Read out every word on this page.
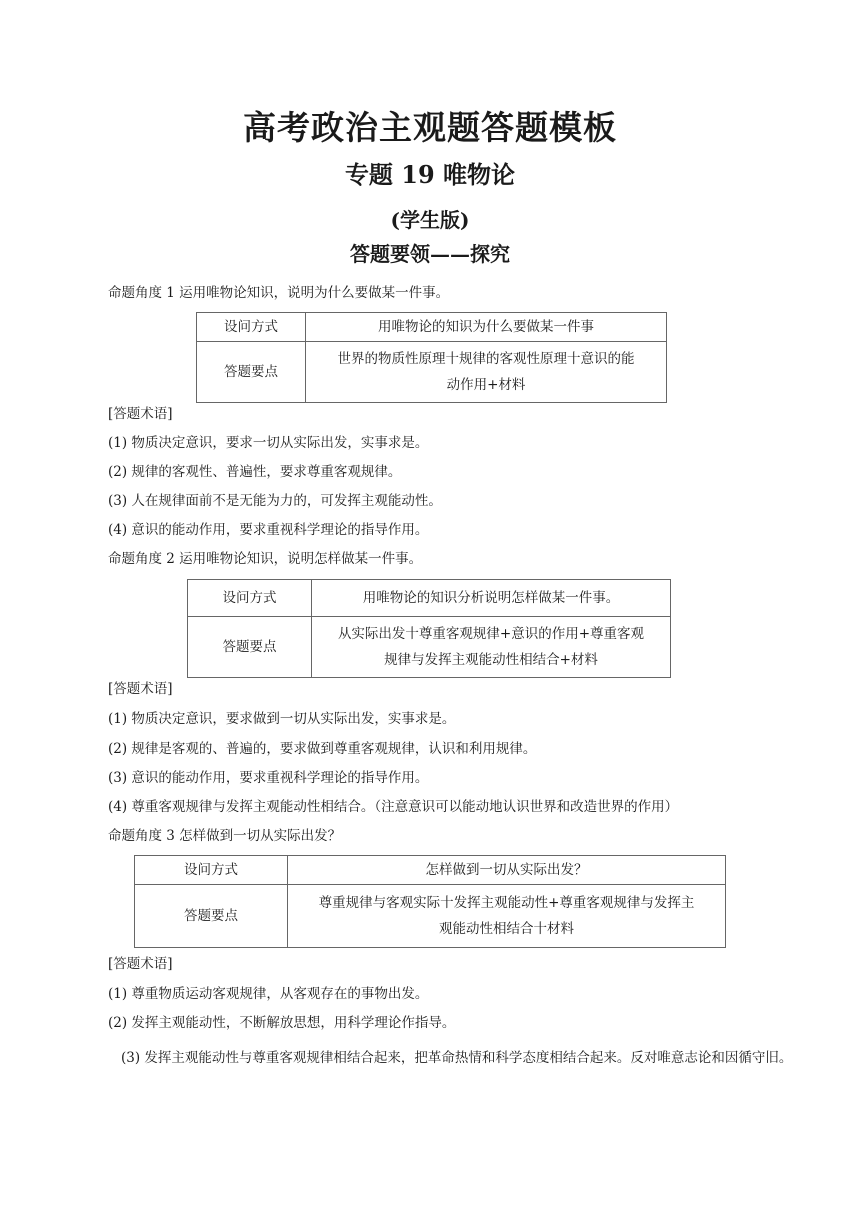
高考政治主观题答题模板
专题 19 唯物论
(学生版)
答题要领——探究
命题角度 1 运用唯物论知识，说明为什么要做某一件事。
设问方式	用唯物论的知识为什么要做某一件事
答题要点	世界的物质性原理十规律的客观性原理十意识的能
动作用+材料
[答题术语]
(1) 物质决定意识，要求一切从实际出发，实事求是。
(2) 规律的客观性、普遍性，要求尊重客观规律。
(3) 人在规律面前不是无能为力的，可发挥主观能动性。
(4) 意识的能动作用，要求重视科学理论的指导作用。
命题角度 2 运用唯物论知识，说明怎样做某一件事。
设问方式	用唯物论的知识分析说明怎样做某一件事。
答题要点	从实际出发十尊重客观规律+意识的作用+尊重客观
规律与发挥主观能动性相结合+材料
[答题术语]
(1) 物质决定意识，要求做到一切从实际出发，实事求是。
(2) 规律是客观的、普遍的，要求做到尊重客观规律，认识和利用规律。
(3) 意识的能动作用，要求重视科学理论的指导作用。
(4) 尊重客观规律与发挥主观能动性相结合。（注意意识可以能动地认识世界和改造世界的作用）
命题角度 3 怎样做到一切从实际出发？
设问方式	怎样做到一切从实际出发？
答题要点	尊重规律与客观实际十发挥主观能动性+尊重客观规律与发挥主
观能动性相结合十材料
[答题术语]
(1) 尊重物质运动客观规律，从客观存在的事物出发。
(2) 发挥主观能动性，不断解放思想，用科学理论作指导。
(3) 发挥主观能动性与尊重客观规律相结合起来，把革命热情和科学态度相结合起来。反对唯意志论和因循守旧。
